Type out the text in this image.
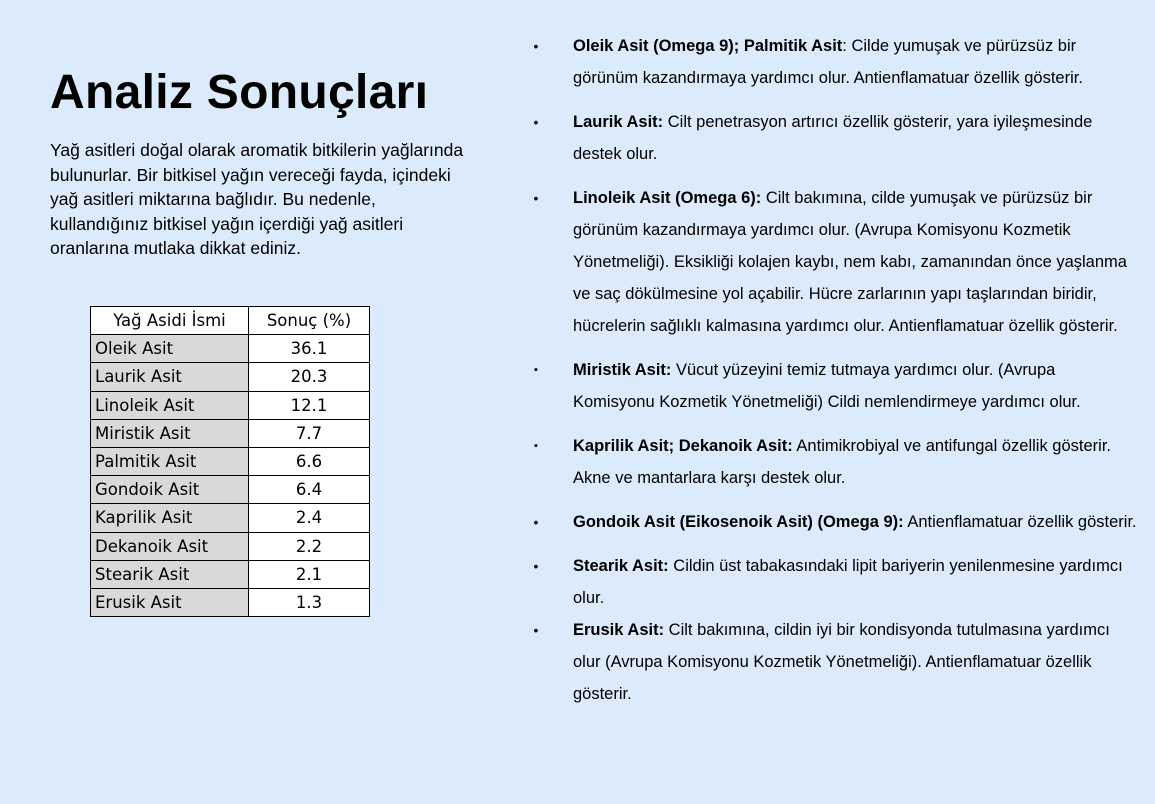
Analiz Sonuçları

Yağ asitleri doğal olarak aromatik bitkilerin yağlarında bulunurlar. Bir bitkisel yağın vereceği fayda, içindeki yağ asitleri miktarına bağlıdır. Bu nedenle, kullandığınız bitkisel yağın içerdiği yağ asitleri oranlarına mutlaka dikkat ediniz.

Yağ Asidi İsmi	Sonuç (%)
Oleik Asit	36.1
Laurik Asit	20.3
Linoleik Asit	12.1
Miristik Asit	7.7
Palmitik Asit	6.6
Gondoik Asit	6.4
Kaprilik Asit	2.4
Dekanoik Asit	2.2
Stearik Asit	2.1
Erusik Asit	1.3
• Oleik Asit (Omega 9); Palmitik Asit: Cilde yumuşak ve pürüzsüz bir görünüm kazandırmaya yardımcı olur. Antienflamatuar özellik gösterir.
• Laurik Asit: Cilt penetrasyon artırıcı özellik gösterir, yara iyileşmesinde destek olur.
• Linoleik Asit (Omega 6): Cilt bakımına, cilde yumuşak ve pürüzsüz bir görünüm kazandırmaya yardımcı olur. (Avrupa Komisyonu Kozmetik Yönetmeliği). Eksikliği kolajen kaybı, nem kabı, zamanından önce yaşlanma ve saç dökülmesine yol açabilir. Hücre zarlarının yapı taşlarından biridir, hücrelerin sağlıklı kalmasına yardımcı olur. Antienflamatuar özellik gösterir.
▪	Miristik Asit: Vücut yüzeyini temiz tutmaya yardımcı olur. (Avrupa Komisyonu Kozmetik Yönetmeliği) Cildi nemlendirmeye yardımcı olur.
▪	Kaprilik Asit; Dekanoik Asit: Antimikrobiyal ve antifungal özellik gösterir. Akne ve mantarlara karşı destek olur.
• Gondoik Asit (Eikosenoik Asit) (Omega 9): Antienflamatuar özellik gösterir.
• Stearik Asit: Cildin üst tabakasındaki lipit bariyerin yenilenmesine yardımcı olur.
• Erusik Asit: Cilt bakımına, cildin iyi bir kondisyonda tutulmasına yardımcı olur (Avrupa Komisyonu Kozmetik Yönetmeliği). Antienflamatuar özellik gösterir.
